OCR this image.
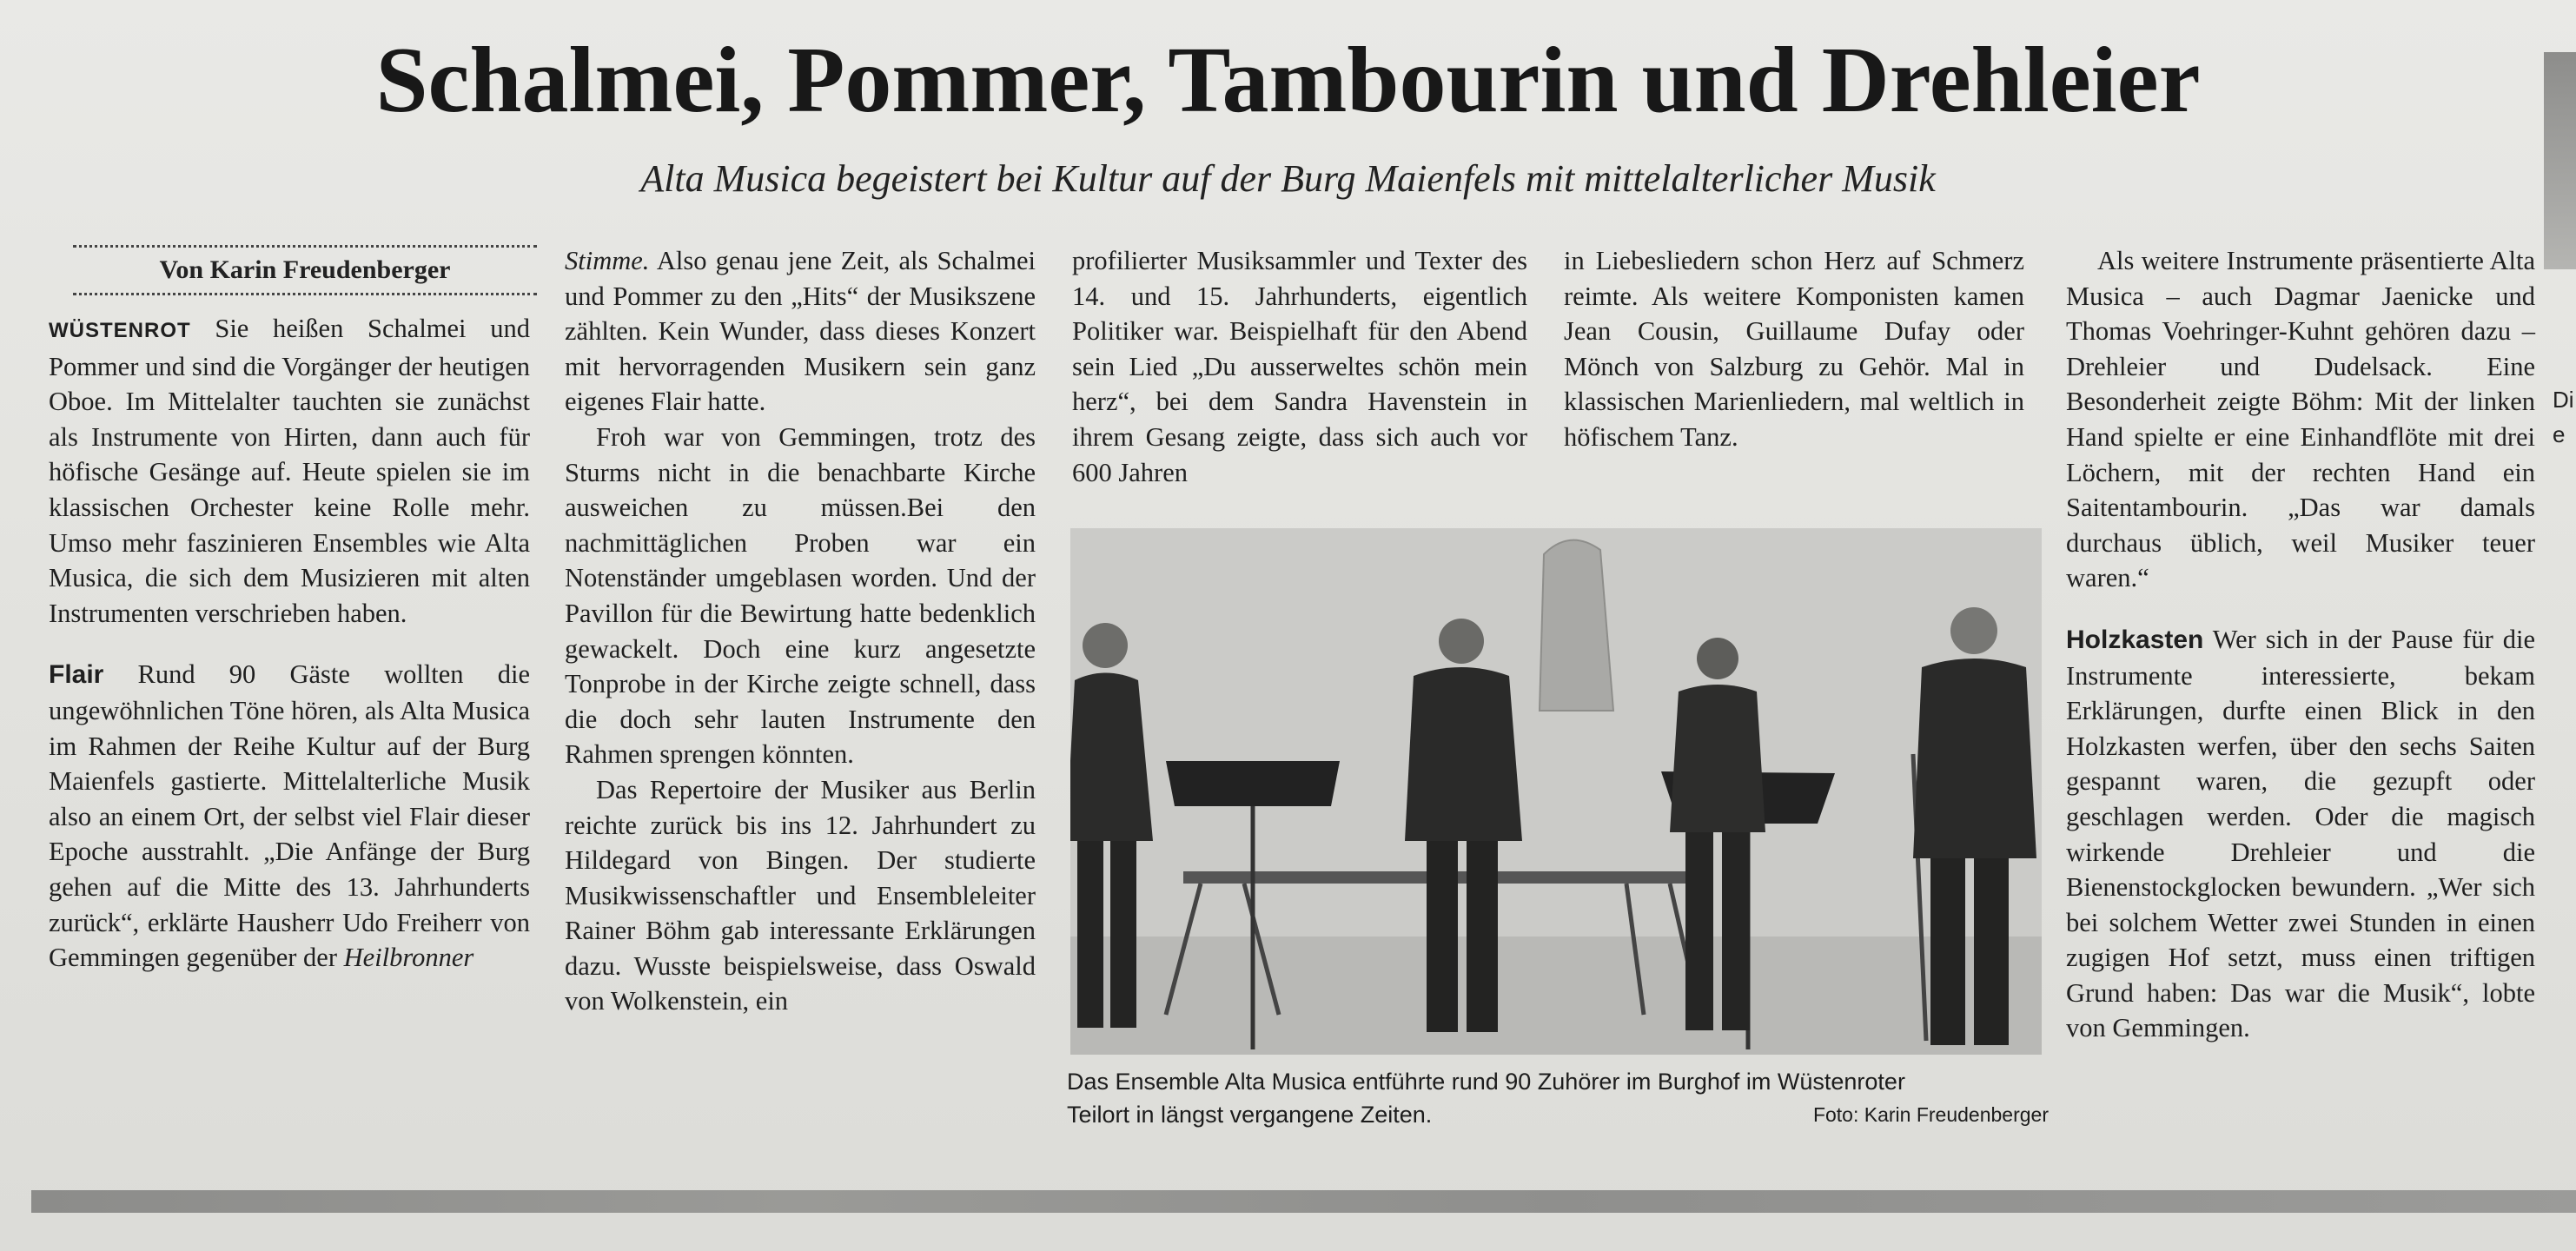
Di
e
Schalmei, Pommer, Tambourin und Drehleier
Alta Musica begeistert bei Kultur auf der Burg Maienfels mit mittelalterlicher Musik
Von Karin Freudenberger

WÜSTENROT Sie heißen Schalmei und Pommer und sind die Vorgänger der heutigen Oboe. Im Mittelalter tauchten sie zunächst als Instrumente von Hirten, dann auch für höfische Gesänge auf. Heute spielen sie im klassischen Orchester keine Rolle mehr. Umso mehr faszinieren Ensembles wie Alta Musica, die sich dem Musizieren mit alten Instrumenten verschrieben haben.

Flair Rund 90 Gäste wollten die ungewöhnlichen Töne hören, als Alta Musica im Rahmen der Reihe Kultur auf der Burg Maienfels gastierte. Mittelalterliche Musik also an einem Ort, der selbst viel Flair dieser Epoche ausstrahlt. „Die Anfänge der Burg gehen auf die Mitte des 13. Jahrhunderts zurück“, erklärte Hausherr Udo Freiherr von Gemmingen gegenüber der Heilbronner

Stimme. Also genau jene Zeit, als Schalmei und Pommer zu den „Hits“ der Musikszene zählten. Kein Wunder, dass dieses Konzert mit hervorragenden Musikern sein ganz eigenes Flair hatte.

Froh war von Gemmingen, trotz des Sturms nicht in die benachbarte Kirche ausweichen zu müssen.Bei den nachmittäglichen Proben war ein Notenständer umgeblasen worden. Und der Pavillon für die Bewirtung hatte bedenklich gewackelt. Doch eine kurz angesetzte Tonprobe in der Kirche zeigte schnell, dass die doch sehr lauten Instrumente den Rahmen sprengen könnten.

Das Repertoire der Musiker aus Berlin reichte zurück bis ins 12. Jahrhundert zu Hildegard von Bingen. Der studierte Musikwissenschaftler und Ensembleleiter Rainer Böhm gab interessante Erklärungen dazu. Wusste beispielsweise, dass Oswald von Wolkenstein, ein

profilierter Musiksammler und Texter des 14. und 15. Jahrhunderts, eigentlich Politiker war. Beispielhaft für den Abend sein Lied „Du ausserweltes schön mein herz“, bei dem Sandra Havenstein in ihrem Gesang zeigte, dass sich auch vor 600 Jahren

in Liebesliedern schon Herz auf Schmerz reimte. Als weitere Komponisten kamen Jean Cousin, Guillaume Dufay oder Mönch von Salzburg zu Gehör. Mal in klassischen Marienliedern, mal weltlich in höfischem Tanz.

Als weitere Instrumente präsentierte Alta Musica – auch Dagmar Jaenicke und Thomas Voehringer-Kuhnt gehören dazu – Drehleier und Dudelsack. Eine Besonderheit zeigte Böhm: Mit der linken Hand spielte er eine Einhandflöte mit drei Löchern, mit der rechten Hand ein Saitentambourin. „Das war damals durchaus üblich, weil Musiker teuer waren.“

Holzkasten Wer sich in der Pause für die Instrumente interessierte, bekam Erklärungen, durfte einen Blick in den Holzkasten werfen, über den sechs Saiten gespannt waren, die gezupft oder geschlagen werden. Oder die magisch wirkende Drehleier und die Bienenstockglocken bewundern. „Wer sich bei solchem Wetter zwei Stunden in einen zugigen Hof setzt, muss einen triftigen Grund haben: Das war die Musik“, lobte von Gemmingen.

Das Ensemble Alta Musica entführte rund 90 Zuhörer im Burghof im Wüstenroter Teilort in längst vergangene Zeiten.	Foto: Karin Freudenberger
